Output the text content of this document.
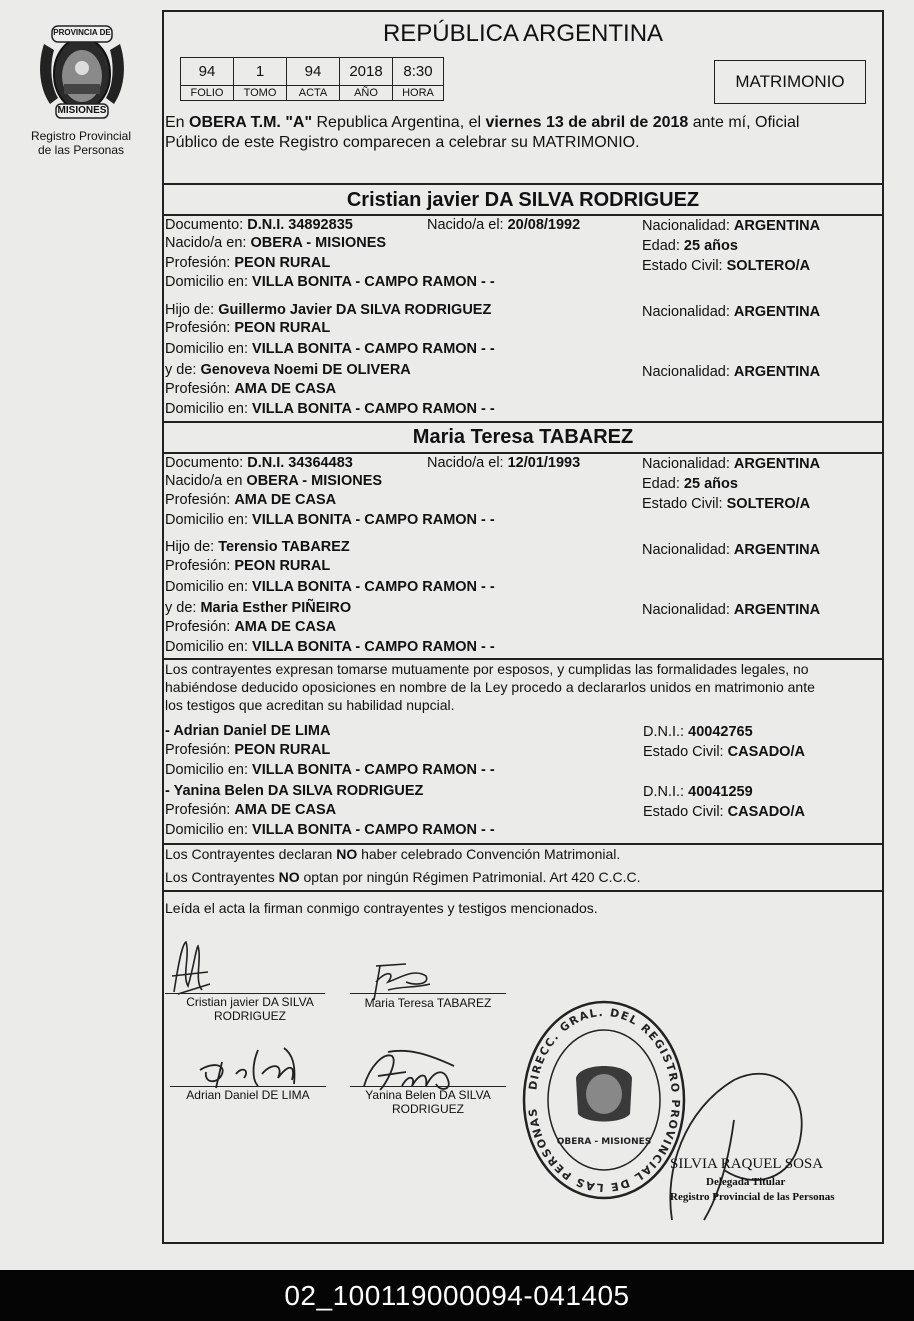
PROVINCIA DE
MISIONES
Registro Provincial
de las Personas
REPÚBLICA ARGENTINA
94	1	94	2018	8:30
FOLIO	TOMO	ACTA	AÑO	HORA
MATRIMONIO
En OBERA T.M. "A" Republica Argentina, el viernes 13 de abril de 2018 ante mí, Oficial
Público de este Registro comparecen a celebrar su MATRIMONIO.
Cristian javier DA SILVA RODRIGUEZ
Documento: D.N.I. 34892835	Nacido/a el: 20/08/1992	Nacionalidad: ARGENTINA
Nacido/a en: OBERA - MISIONES	Edad: 25 años
Profesión: PEON RURAL	Estado Civil: SOLTERO/A
Domicilio en: VILLA BONITA - CAMPO RAMON - -
Hijo de: Guillermo Javier DA SILVA RODRIGUEZ	Nacionalidad: ARGENTINA
Profesión: PEON RURAL
Domicilio en: VILLA BONITA - CAMPO RAMON - -
y de: Genoveva Noemi DE OLIVERA	Nacionalidad: ARGENTINA
Profesión: AMA DE CASA
Domicilio en: VILLA BONITA - CAMPO RAMON - -
Maria Teresa TABAREZ
Documento: D.N.I. 34364483	Nacido/a el: 12/01/1993	Nacionalidad: ARGENTINA
Nacido/a en OBERA - MISIONES	Edad: 25 años
Profesión: AMA DE CASA	Estado Civil: SOLTERO/A
Domicilio en: VILLA BONITA - CAMPO RAMON - -
Hijo de: Terensio TABAREZ	Nacionalidad: ARGENTINA
Profesión: PEON RURAL
Domicilio en: VILLA BONITA - CAMPO RAMON - -
y de: Maria Esther PIÑEIRO	Nacionalidad: ARGENTINA
Profesión: AMA DE CASA
Domicilio en: VILLA BONITA - CAMPO RAMON - -
Los contrayentes expresan tomarse mutuamente por esposos, y cumplidas las formalidades legales, no
habiéndose deducido oposiciones en nombre de la Ley procedo a declararlos unidos en matrimonio ante
los testigos que acreditan su habilidad nupcial.
- Adrian Daniel DE LIMA	D.N.I.: 40042765
Profesión: PEON RURAL	Estado Civil: CASADO/A
Domicilio en: VILLA BONITA - CAMPO RAMON - -
- Yanina Belen DA SILVA RODRIGUEZ	D.N.I.: 40041259
Profesión: AMA DE CASA	Estado Civil: CASADO/A
Domicilio en: VILLA BONITA - CAMPO RAMON - -
Los Contrayentes declaran NO haber celebrado Convención Matrimonial.
Los Contrayentes NO optan por ningún Régimen Patrimonial. Art 420 C.C.C.
Leída el acta la firman conmigo contrayentes y testigos mencionados.
Cristian javier DA SILVA
RODRIGUEZ
Maria Teresa TABAREZ
Adrian Daniel DE LIMA	Yanina Belen DA SILVA
RODRIGUEZ
DIRECC. GRAL. DEL REGISTRO PROVINCIAL DE LAS PERSONAS
OBERA - MISIONES
SILVIA RAQUEL SOSA
Delegada Titular
Registro Provincial de las Personas
02_100119000094-041405
